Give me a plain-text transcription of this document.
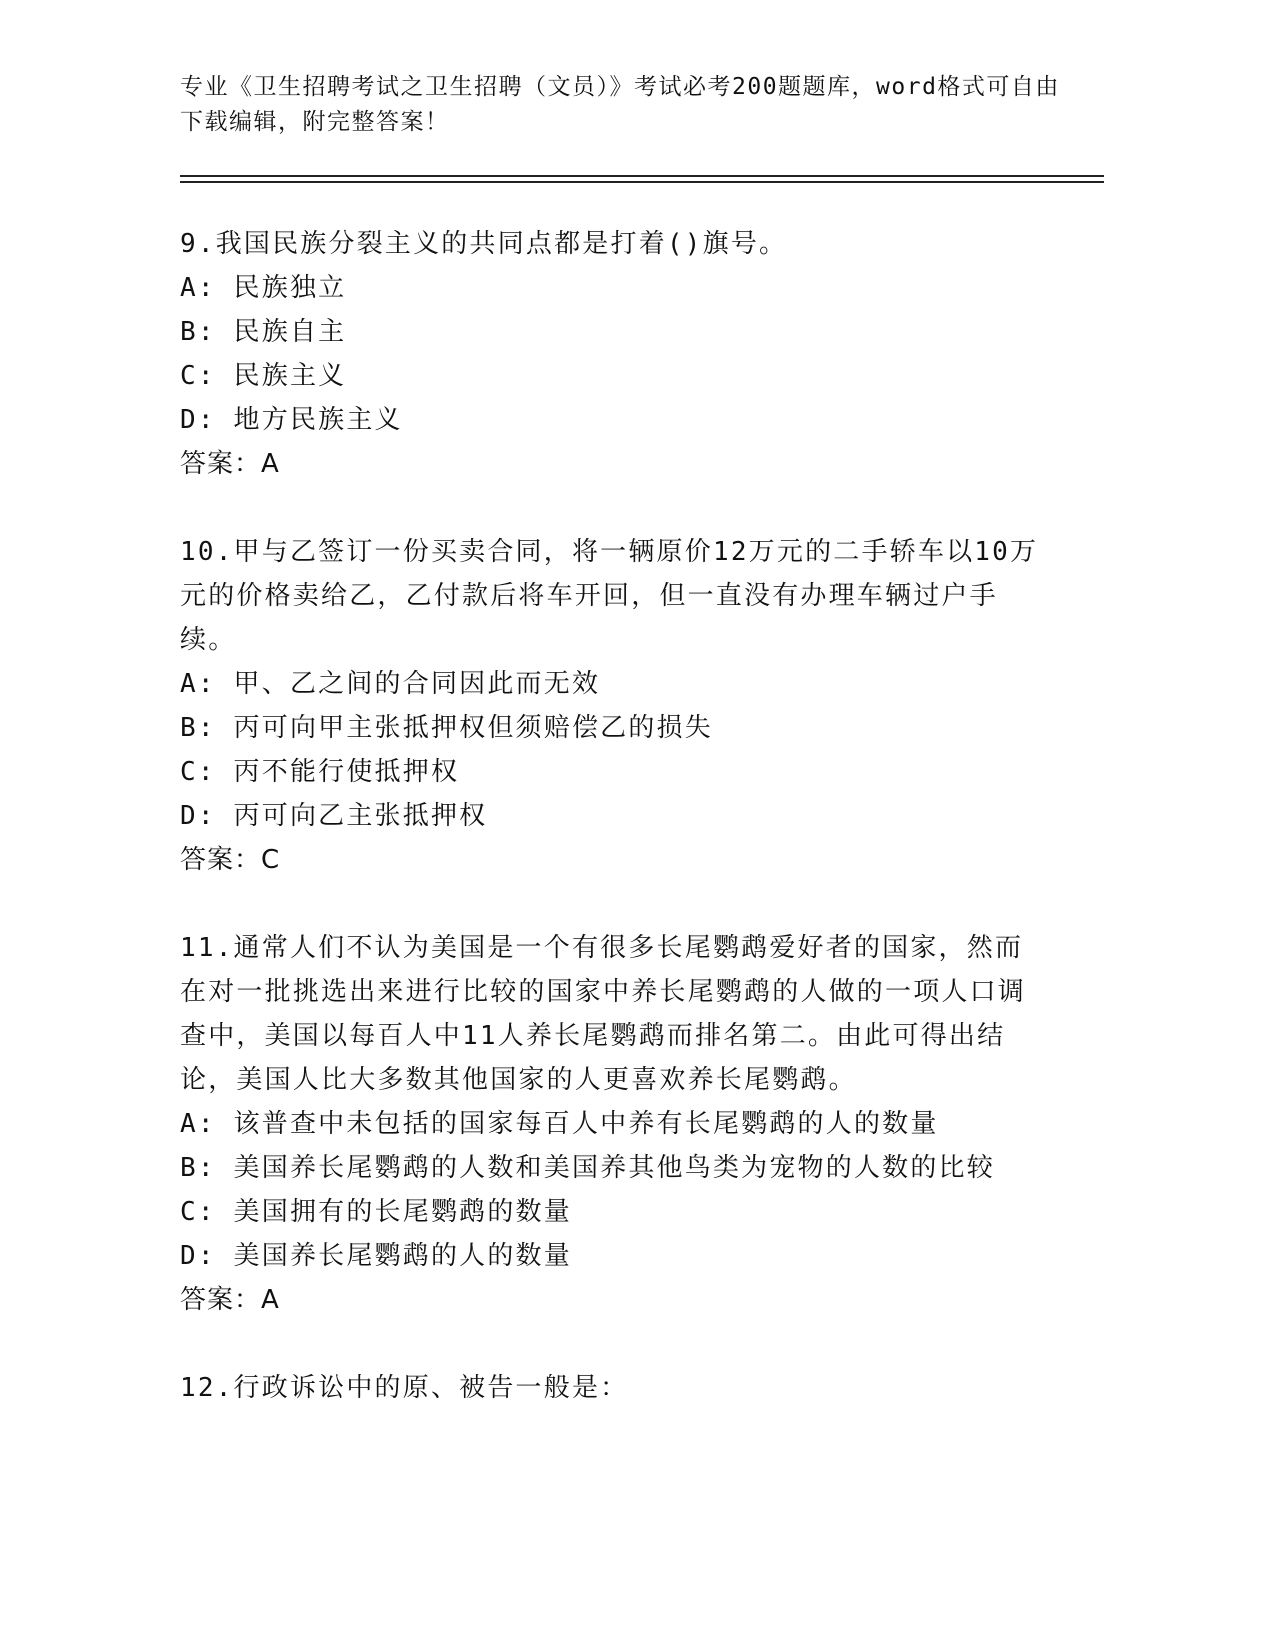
专业《卫生招聘考试之卫生招聘（文员）》考试必考200题题库，word格式可自由下载编辑，附完整答案！

9.我国民族分裂主义的共同点都是打着()旗号。

A: 民族独立

B: 民族自主

C: 民族主义

D: 地方民族主义

答案：A

10.甲与乙签订一份买卖合同，将一辆原价12万元的二手轿车以10万元的价格卖给乙，乙付款后将车开回，但一直没有办理车辆过户手续。

A: 甲、乙之间的合同因此而无效

B: 丙可向甲主张抵押权但须赔偿乙的损失

C: 丙不能行使抵押权

D: 丙可向乙主张抵押权

答案：C

11.通常人们不认为美国是一个有很多长尾鹦鹉爱好者的国家，然而在对一批挑选出来进行比较的国家中养长尾鹦鹉的人做的一项人口调查中，美国以每百人中11人养长尾鹦鹉而排名第二。由此可得出结论，美国人比大多数其他国家的人更喜欢养长尾鹦鹉。

A: 该普查中未包括的国家每百人中养有长尾鹦鹉的人的数量

B: 美国养长尾鹦鹉的人数和美国养其他鸟类为宠物的人数的比较

C: 美国拥有的长尾鹦鹉的数量

D: 美国养长尾鹦鹉的人的数量

答案：A

12.行政诉讼中的原、被告一般是：
